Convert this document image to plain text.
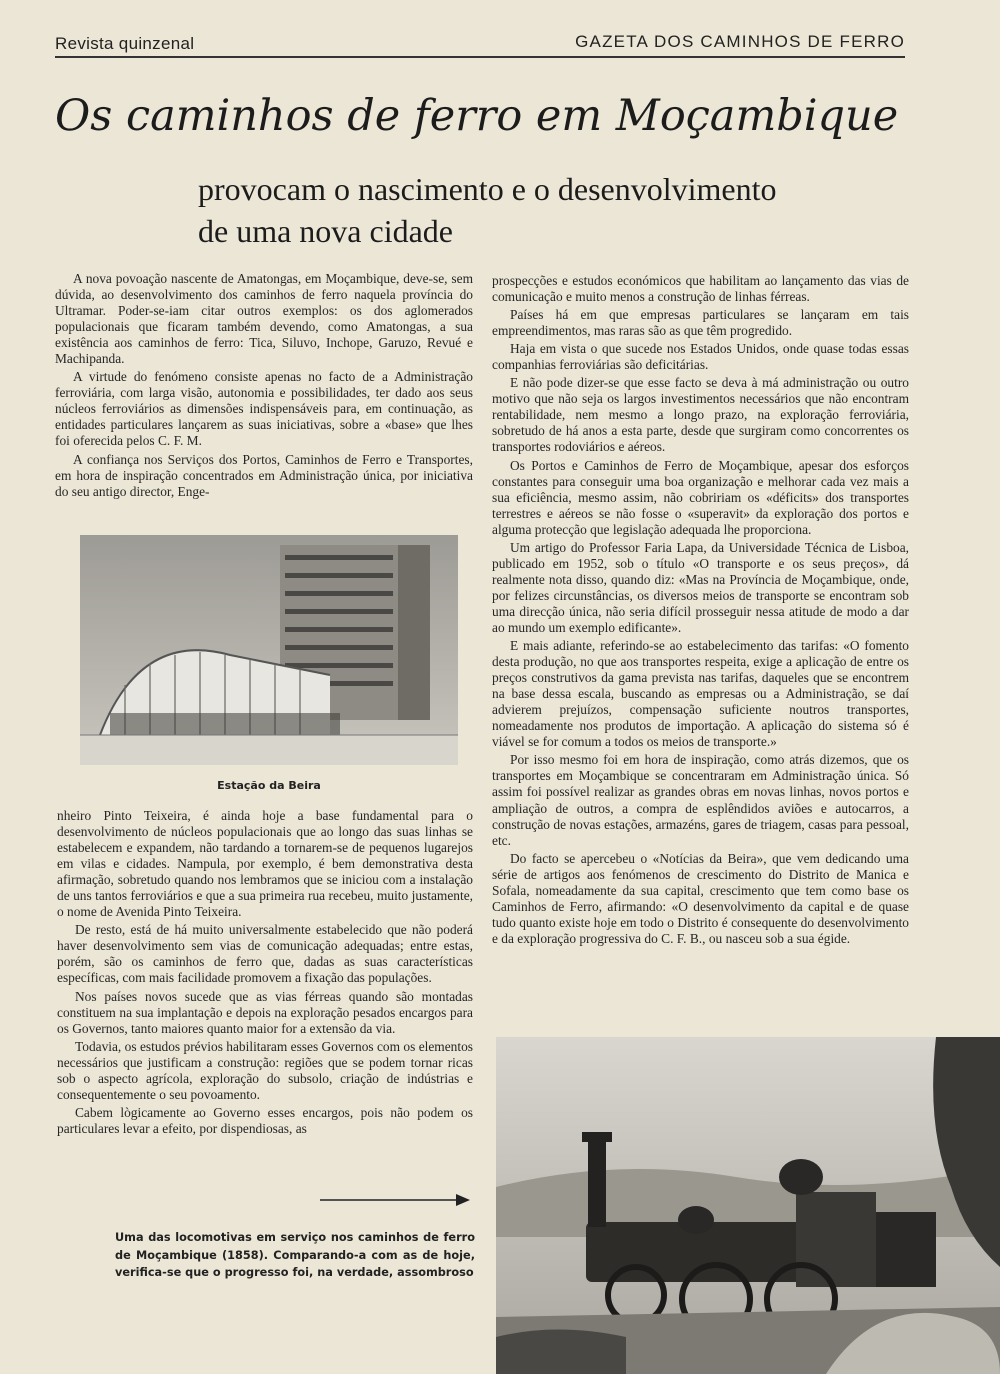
Revista quinzenal	GAZETA DOS CAMINHOS DE FERRO
Os caminhos de ferro em Moçambique
provocam o nascimento e o desenvolvimento
de uma nova cidade

A nova povoação nascente de Amatongas, em Moçambique, deve-se, sem dúvida, ao desenvolvimento dos caminhos de ferro naquela província do Ultramar. Poder-se-iam citar outros exemplos: os dos aglomerados populacionais que ficaram também devendo, como Amatongas, a sua existência aos caminhos de ferro: Tica, Siluvo, Inchope, Garuzo, Revué e Machipanda.

A virtude do fenómeno consiste apenas no facto de a Administração ferroviária, com larga visão, autonomia e possibilidades, ter dado aos seus núcleos ferroviários as dimensões indispensáveis para, em continuação, as entidades particulares lançarem as suas iniciativas, sobre a «base» que lhes foi oferecida pelos C. F. M.

A confiança nos Serviços dos Portos, Caminhos de Ferro e Transportes, em hora de inspiração concentrados em Administração única, por iniciativa do seu antigo director, Enge-

Estação da Beira

nheiro Pinto Teixeira, é ainda hoje a base fundamental para o desenvolvimento de núcleos populacionais que ao longo das suas linhas se estabelecem e expandem, não tardando a tornarem-se de pequenos lugarejos em vilas e cidades. Nampula, por exemplo, é bem demonstrativa desta afirmação, sobretudo quando nos lembramos que se iniciou com a instalação de uns tantos ferroviários e que a sua primeira rua recebeu, muito justamente, o nome de Avenida Pinto Teixeira.

De resto, está de há muito universalmente estabelecido que não poderá haver desenvolvimento sem vias de comunicação adequadas; entre estas, porém, são os caminhos de ferro que, dadas as suas características específicas, com mais facilidade promovem a fixação das populações.

Nos países novos sucede que as vias férreas quando são montadas constituem na sua implantação e depois na exploração pesados encargos para os Governos, tanto maiores quanto maior for a extensão da via.

Todavia, os estudos prévios habilitaram esses Governos com os elementos necessários que justificam a construção: regiões que se podem tornar ricas sob o aspecto agrícola, exploração do subsolo, criação de indústrias e consequentemente o seu povoamento.

Cabem lògicamente ao Governo esses encargos, pois não podem os particulares levar a efeito, por dispendiosas, as

prospecções e estudos económicos que habilitam ao lançamento das vias de comunicação e muito menos a construção de linhas férreas.

Países há em que empresas particulares se lançaram em tais empreendimentos, mas raras são as que têm progredido.

Haja em vista o que sucede nos Estados Unidos, onde quase todas essas companhias ferroviárias são deficitárias.

E não pode dizer-se que esse facto se deva à má administração ou outro motivo que não seja os largos investimentos necessários que não encontram rentabilidade, nem mesmo a longo prazo, na exploração ferroviária, sobretudo de há anos a esta parte, desde que surgiram como concorrentes os transportes rodoviários e aéreos.

Os Portos e Caminhos de Ferro de Moçambique, apesar dos esforços constantes para conseguir uma boa organização e melhorar cada vez mais a sua eficiência, mesmo assim, não cobririam os «déficits» dos transportes terrestres e aéreos se não fosse o «superavit» da exploração dos portos e alguma protecção que legislação adequada lhe proporciona.

Um artigo do Professor Faria Lapa, da Universidade Técnica de Lisboa, publicado em 1952, sob o título «O transporte e os seus preços», dá realmente nota disso, quando diz: «Mas na Província de Moçambique, onde, por felizes circunstâncias, os diversos meios de transporte se encontram sob uma direcção única, não seria difícil prosseguir nessa atitude de modo a dar ao mundo um exemplo edificante».

E mais adiante, referindo-se ao estabelecimento das tarifas: «O fomento desta produção, no que aos transportes respeita, exige a aplicação de entre os preços construtivos da gama prevista nas tarifas, daqueles que se encontrem na base dessa escala, buscando as empresas ou a Administração, se daí advierem prejuízos, compensação suficiente noutros transportes, nomeadamente nos produtos de importação. A aplicação do sistema só é viável se for comum a todos os meios de transporte.»

Por isso mesmo foi em hora de inspiração, como atrás dizemos, que os transportes em Moçambique se concentraram em Administração única. Só assim foi possível realizar as grandes obras em novas linhas, novos portos e ampliação de outros, a compra de esplêndidos aviões e autocarros, a construção de novas estações, armazéns, gares de triagem, casas para pessoal, etc.

Do facto se apercebeu o «Notícias da Beira», que vem dedicando uma série de artigos aos fenómenos de crescimento do Distrito de Manica e Sofala, nomeadamente da sua capital, crescimento que tem como base os Caminhos de Ferro, afirmando: «O desenvolvimento da capital e de quase tudo quanto existe hoje em todo o Distrito é consequente do desenvolvimento e da exploração progressiva do C. F. B., ou nasceu sob a sua égide.

Uma das locomotivas em serviço nos caminhos de ferro de Moçambique (1858). Comparando-a com as de hoje, verifica-se que o progresso foi, na verdade, assombroso
